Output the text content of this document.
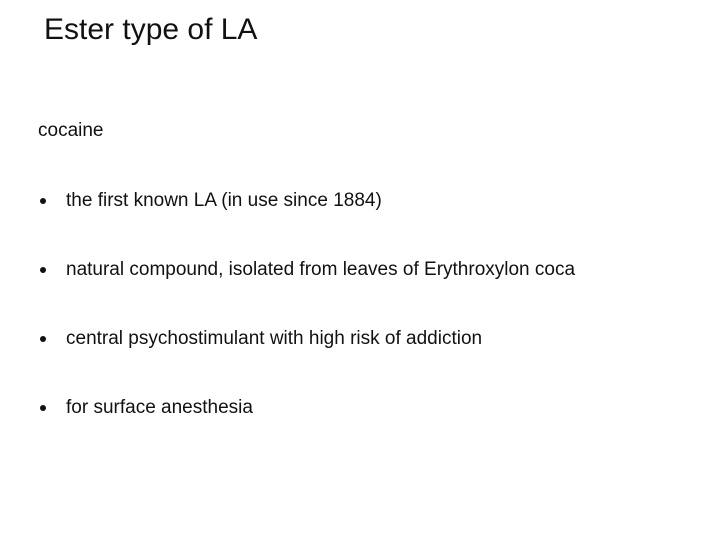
Ester type of LA
cocaine
the first known LA (in use since 1884)
natural compound, isolated from leaves of Erythroxylon coca
central psychostimulant with high risk of addiction
for surface anesthesia
